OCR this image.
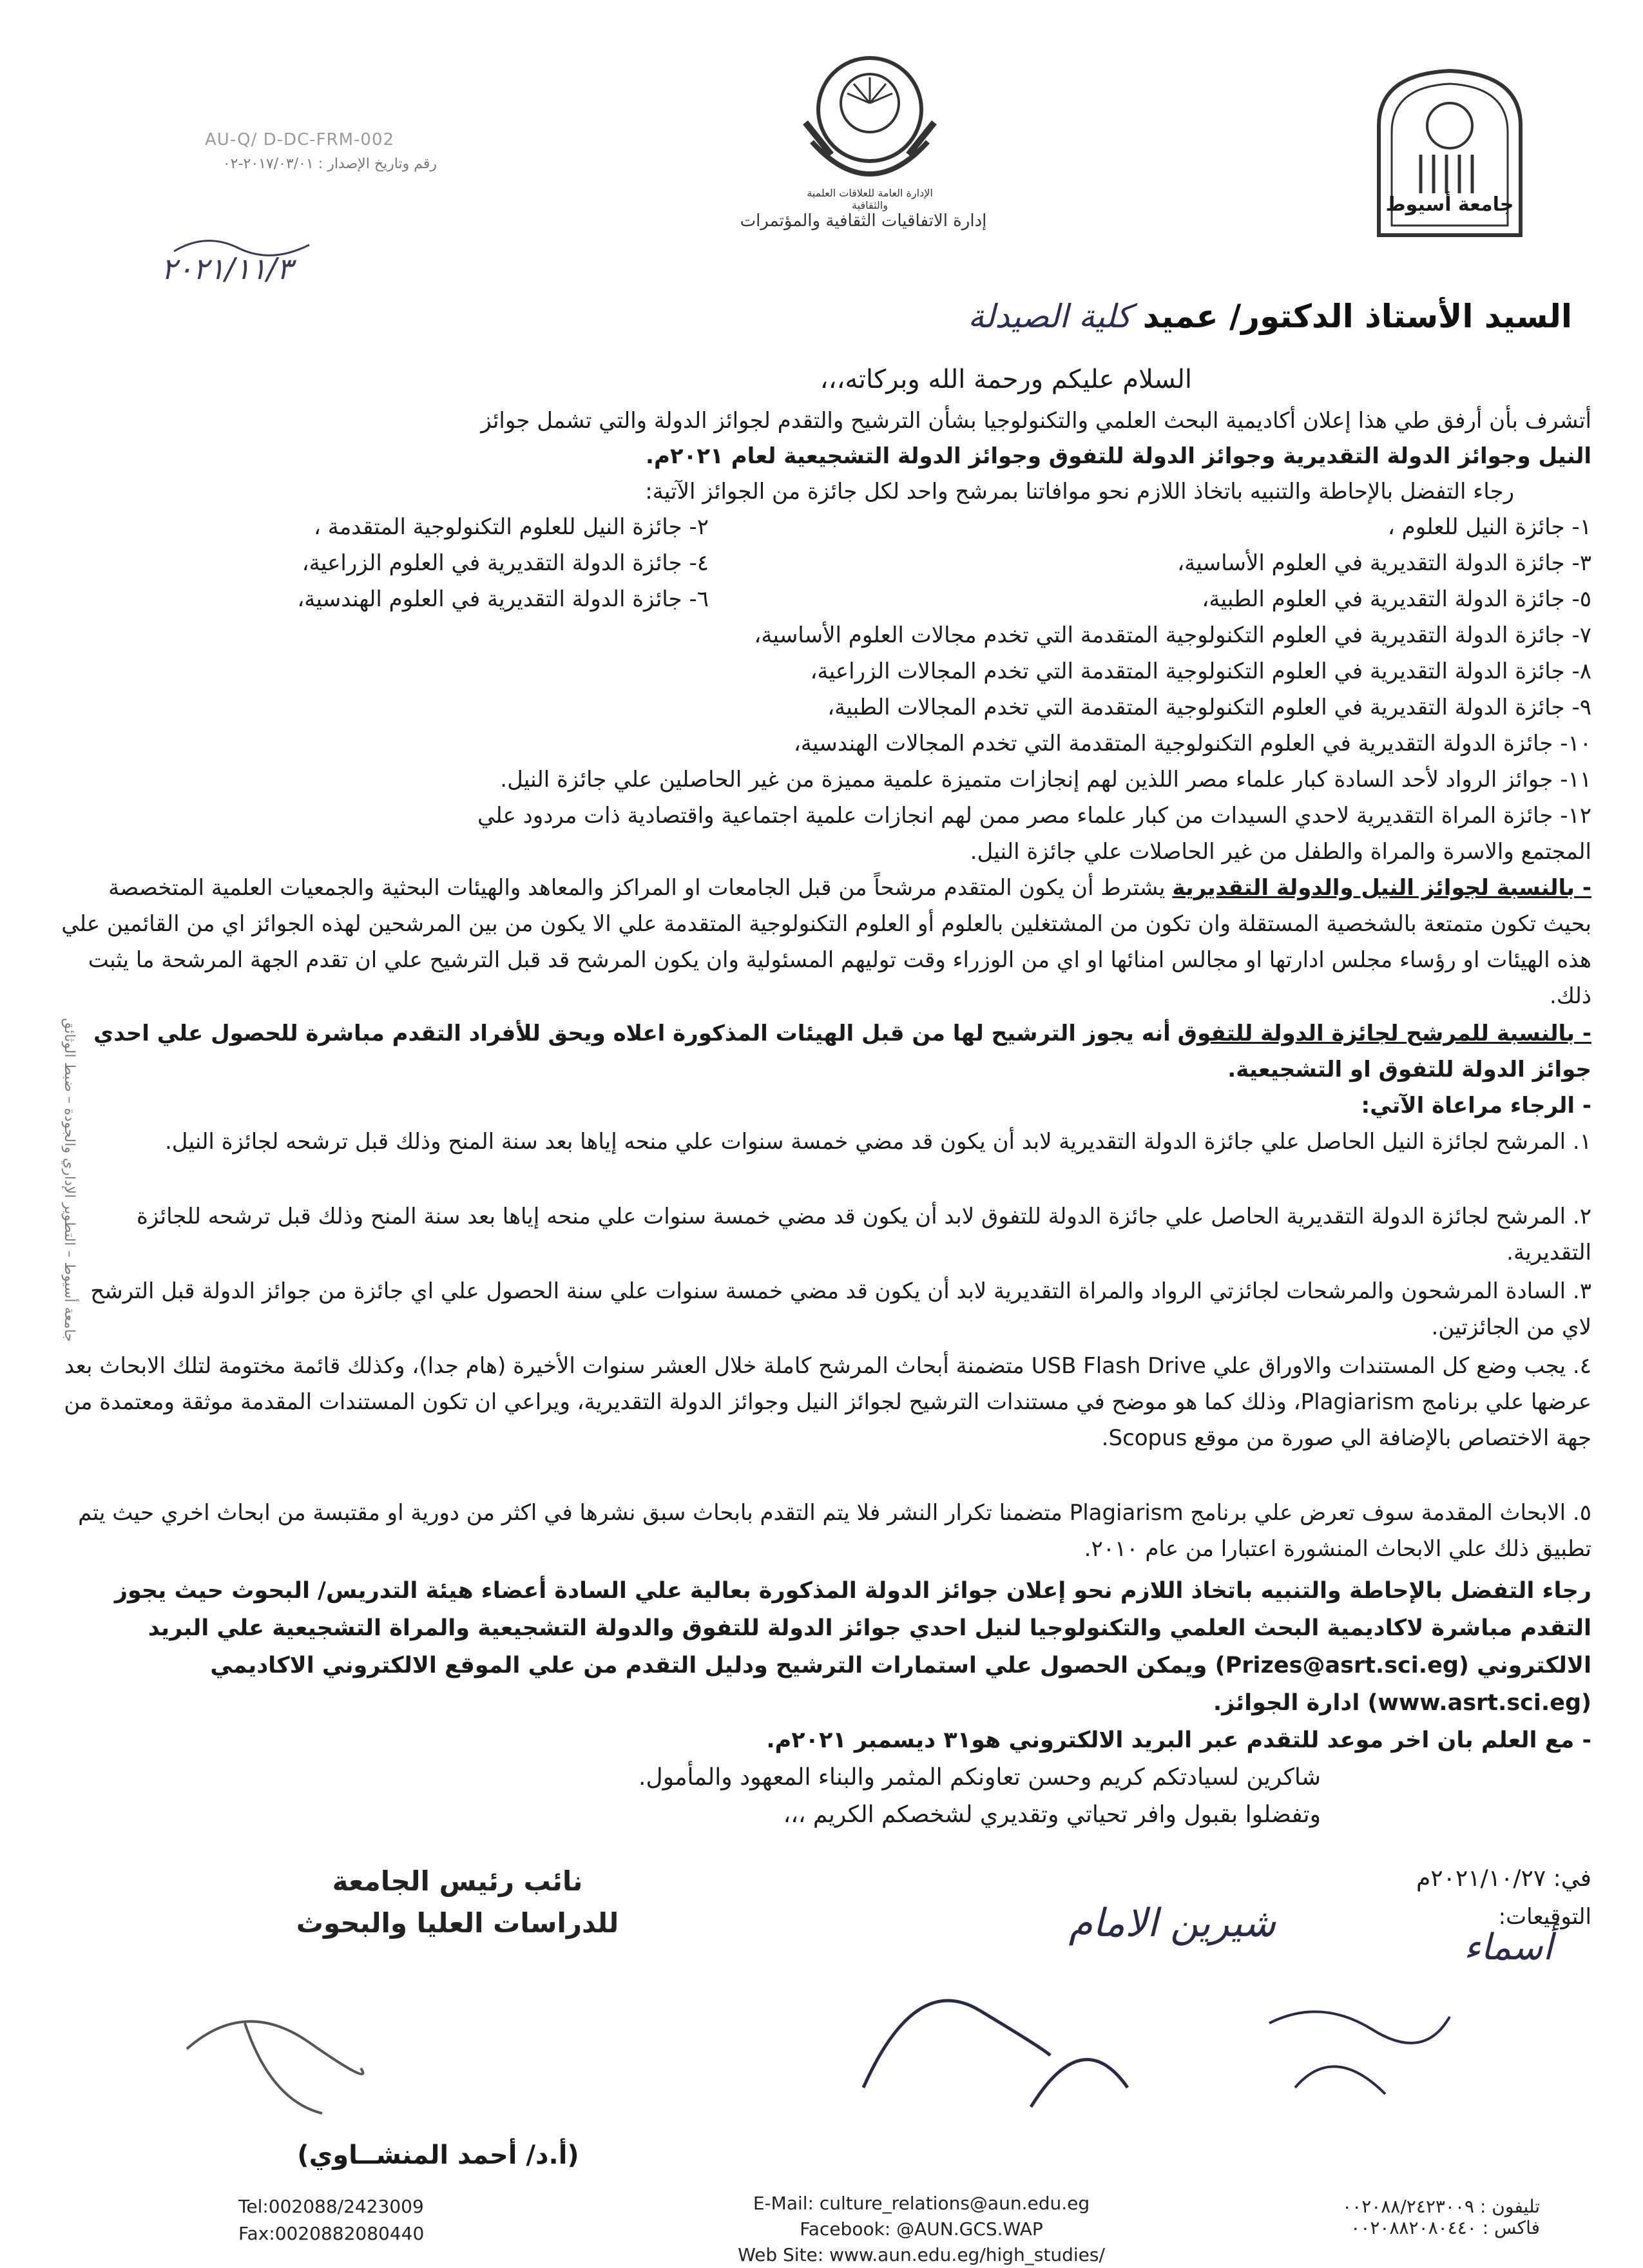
AU-Q/ D-DC-FRM-002
رقم وتاريخ الإصدار : ٢٠١٧/٠٣/٠١-٠٢
الإدارة العامة للعلاقات العلمية والثقافية
إدارة الاتفاقيات الثقافية والمؤتمرات
جامعة أسيوط
٢٠٢١/١١/٣
السيد الأستاذ الدكتور/ عميد كلية الصيدلة
السلام عليكم ورحمة الله وبركاته،،،
أتشرف بأن أرفق طي هذا إعلان أكاديمية البحث العلمي والتكنولوجيا بشأن الترشيح والتقدم لجوائز الدولة والتي تشمل جوائز
النيل وجوائز الدولة التقديرية وجوائز الدولة للتفوق وجوائز الدولة التشجيعية لعام ٢٠٢١م.
رجاء التفضل بالإحاطة والتنبيه باتخاذ اللازم نحو موافاتنا بمرشح واحد لكل جائزة من الجوائز الآتية:
١- جائزة النيل للعلوم ،
٢- جائزة النيل للعلوم التكنولوجية المتقدمة ،
٣- جائزة الدولة التقديرية في العلوم الأساسية،
٤- جائزة الدولة التقديرية في العلوم الزراعية،
٥- جائزة الدولة التقديرية في العلوم الطبية،
٦- جائزة الدولة التقديرية في العلوم الهندسية،
٧- جائزة الدولة التقديرية في العلوم التكنولوجية المتقدمة التي تخدم مجالات العلوم الأساسية،
٨- جائزة الدولة التقديرية في العلوم التكنولوجية المتقدمة التي تخدم المجالات الزراعية،
٩- جائزة الدولة التقديرية في العلوم التكنولوجية المتقدمة التي تخدم المجالات الطبية،
١٠- جائزة الدولة التقديرية في العلوم التكنولوجية المتقدمة التي تخدم المجالات الهندسية،
١١- جوائز الرواد لأحد السادة كبار علماء مصر اللذين لهم إنجازات متميزة علمية مميزة من غير الحاصلين علي جائزة النيل.
١٢- جائزة المراة التقديرية لاحدي السيدات من كبار علماء مصر ممن لهم انجازات علمية اجتماعية واقتصادية ذات مردود علي
المجتمع والاسرة والمراة والطفل من غير الحاصلات علي جائزة النيل.
- بالنسبة لجوائز النيل والدولة التقديرية يشترط أن يكون المتقدم مرشحاً من قبل الجامعات او المراكز والمعاهد والهيئات البحثية والجمعيات العلمية المتخصصة بحيث تكون متمتعة بالشخصية المستقلة وان تكون من المشتغلين بالعلوم أو العلوم التكنولوجية المتقدمة علي الا يكون من بين المرشحين لهذه الجوائز اي من القائمين علي هذه الهيئات او رؤساء مجلس ادارتها او مجالس امنائها او اي من الوزراء وقت توليهم المسئولية وان يكون المرشح قد قبل الترشيح علي ان تقدم الجهة المرشحة ما يثبت ذلك.
- بالنسبة للمرشح لجائزة الدولة للتفوق أنه يجوز الترشيح لها من قبل الهيئات المذكورة اعلاه ويحق للأفراد التقدم مباشرة للحصول علي احدي جوائز الدولة للتفوق او التشجيعية.
- الرجاء مراعاة الآتي:
١. المرشح لجائزة النيل الحاصل علي جائزة الدولة التقديرية لابد أن يكون قد مضي خمسة سنوات علي منحه إياها بعد سنة المنح وذلك قبل ترشحه لجائزة النيل.
٢. المرشح لجائزة الدولة التقديرية الحاصل علي جائزة الدولة للتفوق لابد أن يكون قد مضي خمسة سنوات علي منحه إياها بعد سنة المنح وذلك قبل ترشحه للجائزة التقديرية.
٣. السادة المرشحون والمرشحات لجائزتي الرواد والمراة التقديرية لابد أن يكون قد مضي خمسة سنوات علي سنة الحصول علي اي جائزة من جوائز الدولة قبل الترشح لاي من الجائزتين.
٤. يجب وضع كل المستندات والاوراق علي USB Flash Drive متضمنة أبحاث المرشح كاملة خلال العشر سنوات الأخيرة (هام جدا)، وكذلك قائمة مختومة لتلك الابحاث بعد عرضها علي برنامج Plagiarism، وذلك كما هو موضح في مستندات الترشيح لجوائز النيل وجوائز الدولة التقديرية، ويراعي ان تكون المستندات المقدمة موثقة ومعتمدة من جهة الاختصاص بالإضافة الي صورة من موقع Scopus.
٥. الابحاث المقدمة سوف تعرض علي برنامج Plagiarism متضمنا تكرار النشر فلا يتم التقدم بابحاث سبق نشرها في اكثر من دورية او مقتبسة من ابحاث اخري حيث يتم تطبيق ذلك علي الابحاث المنشورة اعتبارا من عام ٢٠١٠.
رجاء التفضل بالإحاطة والتنبيه باتخاذ اللازم نحو إعلان جوائز الدولة المذكورة بعالية علي السادة أعضاء هيئة التدريس/ البحوث حيث يجوز التقدم مباشرة لاكاديمية البحث العلمي والتكنولوجيا لنيل احدي جوائز الدولة للتفوق والدولة التشجيعية والمراة التشجيعية علي البريد الالكتروني (Prizes@asrt.sci.eg) ويمكن الحصول علي استمارات الترشيح ودليل التقدم من علي الموقع الالكتروني الاكاديمي (www.asrt.sci.eg) ادارة الجوائز.
- مع العلم بان اخر موعد للتقدم عبر البريد الالكتروني هو٣١ ديسمبر ٢٠٢١م.
شاكرين لسيادتكم كريم وحسن تعاونكم المثمر والبناء المعهود والمأمول.
وتفضلوا بقبول وافر تحياتي وتقديري لشخصكم الكريم ،،،
في: ٢٠٢١/١٠/٢٧م
التوقيعات:
نائب رئيس الجامعة
للدراسات العليا والبحوث
(أ.د/ أحمد المنشــاوي)
شيرين الامام
أسماء
جامعة أسيوط – التطوير الإداري والجودة – ضبط الوثائق
Tel:002088/2423009
Fax:0020882080440
E-Mail: culture_relations@aun.edu.eg
Facebook: @AUN.GCS.WAP
Web Site: www.aun.edu.eg/high_studies/
تليفون : ٠٠٢٠٨٨/٢٤٢٣٠٠٩
فاكس : ٠٠٢٠٨٨٢٠٨٠٤٤٠
